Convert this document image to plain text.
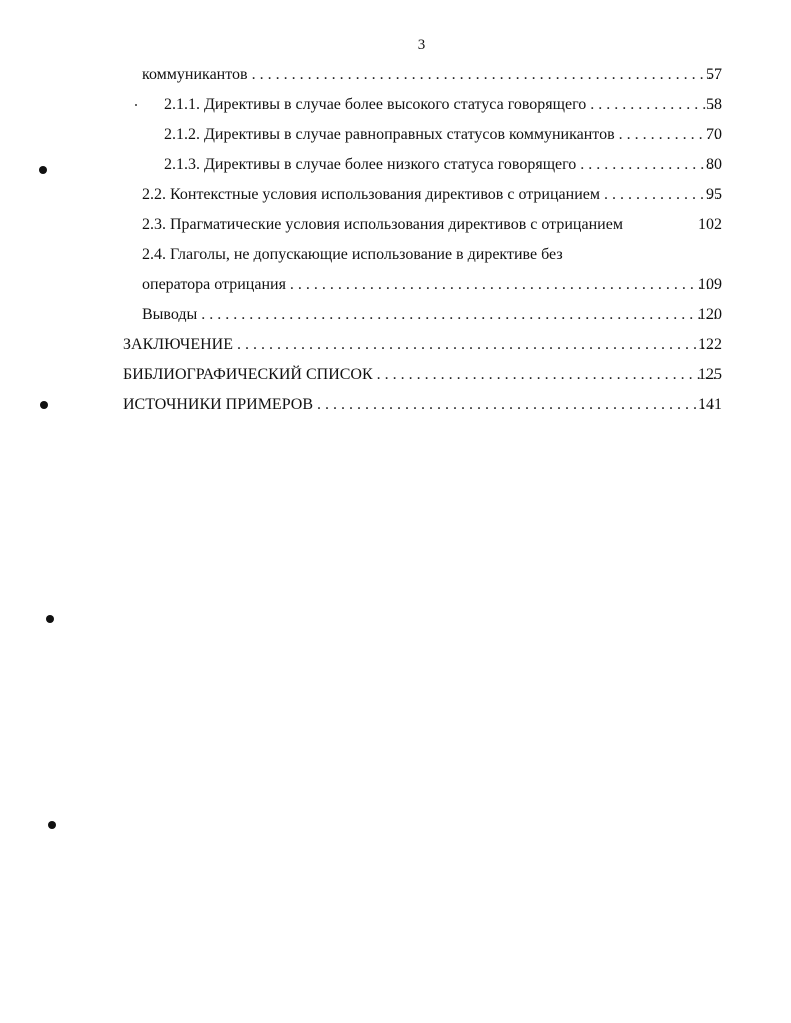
3
коммуникантов . . .	57
2.1.1. Директивы в случае более высокого статуса говорящего . . .	58
2.1.2. Директивы в случае равноправных статусов коммуникантов . . .	70
2.1.3. Директивы в случае более низкого статуса говорящего . . .	80
2.2. Контекстные условия использования директивов с отрицанием . . .	95
2.3. Прагматические условия использования директивов с отрицанием	102
2.4. Глаголы, не допускающие использование в директиве без
оператора отрицания . . .	109
Выводы . . .	120
ЗАКЛЮЧЕНИЕ . . .	122
БИБЛИОГРАФИЧЕСКИЙ СПИСОК . . .	125
ИСТОЧНИКИ ПРИМЕРОВ . . .	141
